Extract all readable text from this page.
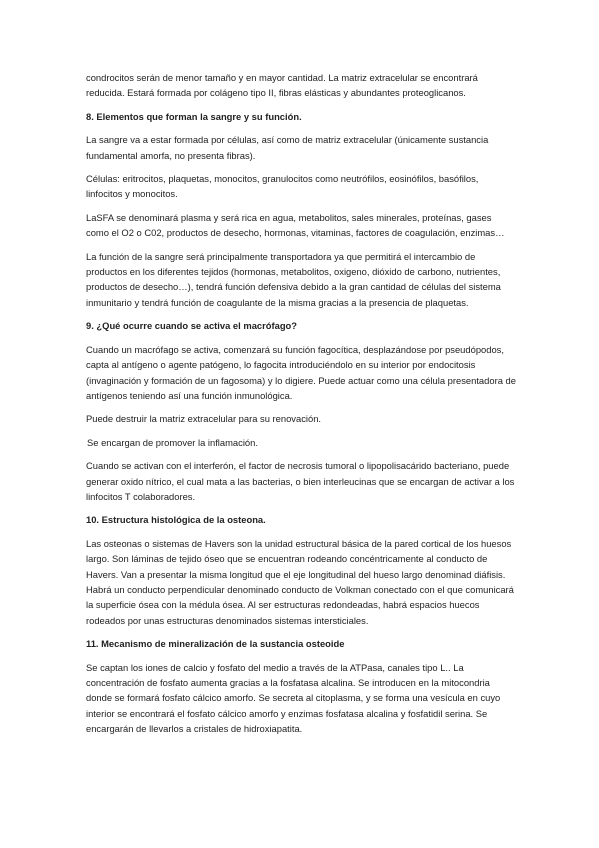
condrocitos serán de menor tamaño y en mayor cantidad. La matriz extracelular se encontrará reducida. Estará formada por colágeno tipo II, fibras elásticas y abundantes proteoglicanos.

8. Elementos que forman la sangre y su función.

La sangre va a estar formada por células, así como de matriz extracelular (únicamente sustancia fundamental amorfa, no presenta fibras).

Células: eritrocitos, plaquetas, monocitos, granulocitos como neutrófilos, eosinófilos, basófilos, linfocitos y monocitos.

LaSFA se denominará plasma y será rica en agua, metabolitos, sales minerales, proteínas, gases como el O2 o C02, productos de desecho, hormonas, vitaminas, factores de coagulación, enzimas…

La función de la sangre será principalmente transportadora ya que permitirá el intercambio de productos en los diferentes tejidos (hormonas, metabolitos, oxigeno, dióxido de carbono, nutrientes, productos de desecho…), tendrá función defensiva debido a la gran cantidad de células del sistema inmunitario y tendrá función de coagulante de la misma gracias a la presencia de plaquetas.

9. ¿Qué ocurre cuando se activa el macrófago?

Cuando un macrófago se activa, comenzará su función fagocítica, desplazándose por pseudópodos, capta al antígeno o agente patógeno, lo fagocita introduciéndolo en su interior por endocitosis (invaginación y formación de un fagosoma) y lo digiere. Puede actuar como una célula presentadora de antígenos teniendo así una función inmunológica.

Puede destruir la matriz extracelular para su renovación.

Se encargan de promover la inflamación.

Cuando se activan con el interferón, el factor de necrosis tumoral o lipopolisacárido bacteriano, puede generar oxido nítrico, el cual mata a las bacterias, o bien interleucinas que se encargan de activar a los linfocitos T colaboradores.

10. Estructura histológica de la osteona.

Las osteonas o sistemas de Havers son la unidad estructural básica de la pared cortical de los huesos largo. Son láminas de tejido óseo que se encuentran rodeando concéntricamente al conducto de Havers. Van a presentar la misma longitud que el eje longitudinal del hueso largo denominad diáfisis. Habrá un conducto perpendicular denominado conducto de Volkman conectado con el que comunicará la superficie ósea con la médula ósea. Al ser estructuras redondeadas, habrá espacios huecos rodeados por unas estructuras denominados sistemas intersticiales.

11. Mecanismo de mineralización de la sustancia osteoide

Se captan los iones de calcio y fosfato del medio a través de la ATPasa, canales tipo L.. La concentración de fosfato aumenta gracias a la fosfatasa alcalina. Se introducen en la mitocondria donde se formará fosfato cálcico amorfo. Se secreta al citoplasma, y se forma una vesícula en cuyo interior se encontrará el fosfato cálcico amorfo y enzimas fosfatasa alcalina y fosfatidil serina. Se encargarán de llevarlos a cristales de hidroxiapatita.
